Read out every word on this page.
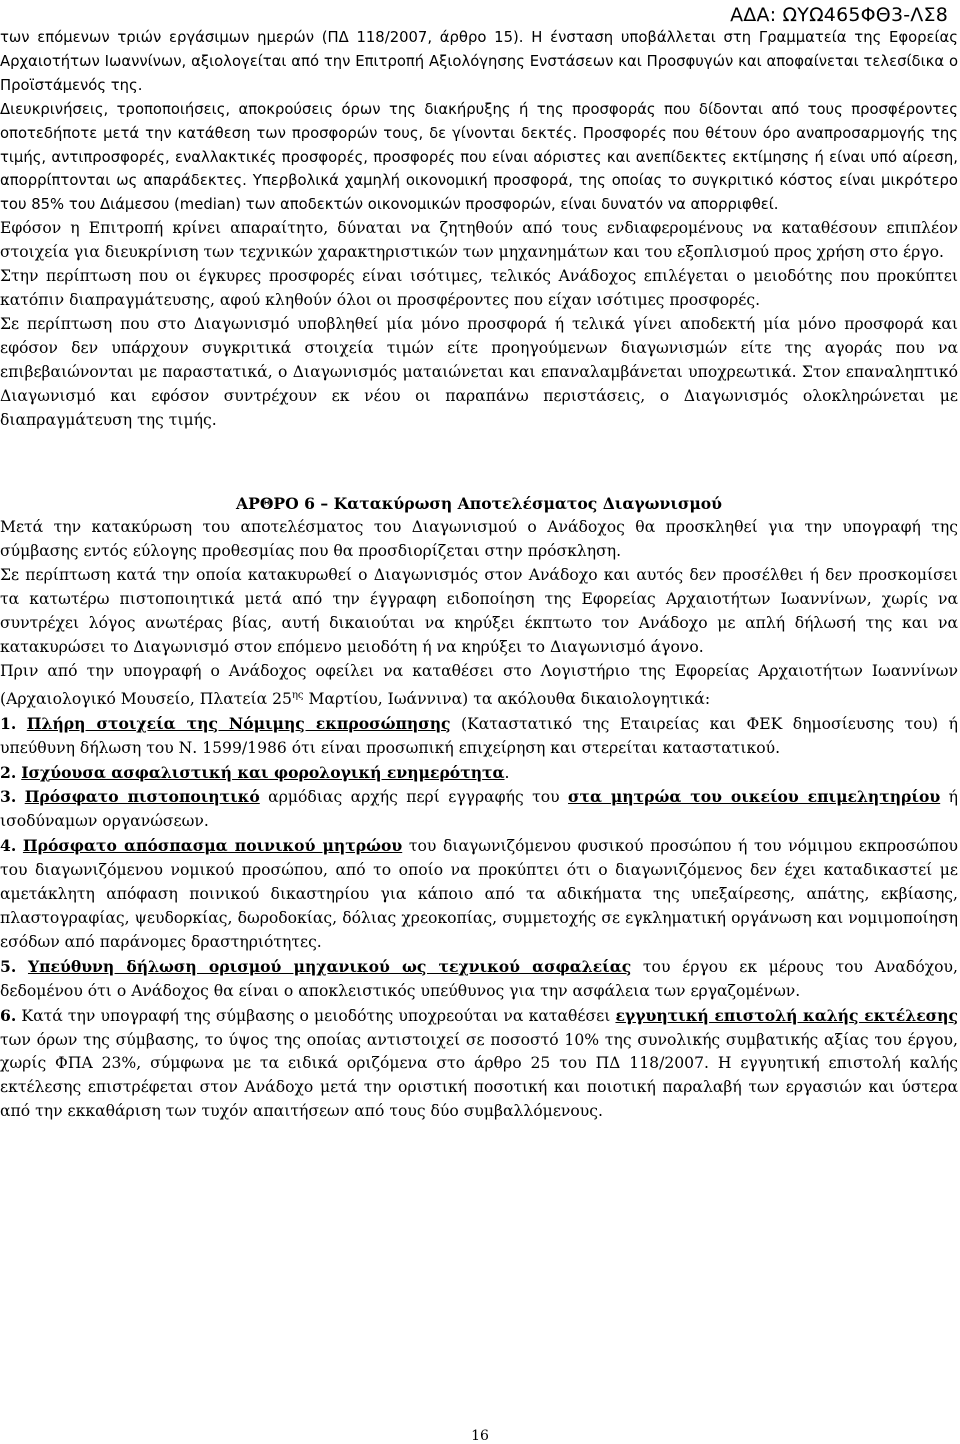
ΑΔΑ: ΩΥΩ465ΦΘ3-ΛΣ8

των επόμενων τριών εργάσιμων ημερών (ΠΔ 118/2007, άρθρο 15). Η ένσταση υποβάλλεται στη Γραμματεία της Εφορείας Αρχαιοτήτων Ιωαννίνων, αξιολογείται από την Επιτροπή Αξιολόγησης Ενστάσεων και Προσφυγών και αποφαίνεται τελεσίδικα ο Προϊστάμενός της.

Διευκρινήσεις, τροποποιήσεις, αποκρούσεις όρων της διακήρυξης ή της προσφοράς που δίδονται από τους προσφέροντες οποτεδήποτε μετά την κατάθεση των προσφορών τους, δε γίνονται δεκτές. Προσφορές που θέτουν όρο αναπροσαρμογής της τιμής, αντιπροσφορές, εναλλακτικές προσφορές, προσφορές που είναι αόριστες και ανεπίδεκτες εκτίμησης ή είναι υπό αίρεση, απορρίπτονται ως απαράδεκτες. Υπερβολικά χαμηλή οικονομική προσφορά, της οποίας το συγκριτικό κόστος είναι μικρότερο του 85% του Διάμεσου (median) των αποδεκτών οικονομικών προσφορών, είναι δυνατόν να απορριφθεί.

Εφόσον η Επιτροπή κρίνει απαραίτητο, δύναται να ζητηθούν από τους ενδιαφερομένους να καταθέσουν επιπλέον στοιχεία για διευκρίνιση των τεχνικών χαρακτηριστικών των μηχανημάτων και του εξοπλισμού προς χρήση στο έργο.

Στην περίπτωση που οι έγκυρες προσφορές είναι ισότιμες, τελικός Ανάδοχος επιλέγεται ο μειοδότης που προκύπτει κατόπιν διαπραγμάτευσης, αφού κληθούν όλοι οι προσφέροντες που είχαν ισότιμες προσφορές.

Σε περίπτωση που στο Διαγωνισμό υποβληθεί μία μόνο προσφορά ή τελικά γίνει αποδεκτή μία μόνο προσφορά και εφόσον δεν υπάρχουν συγκριτικά στοιχεία τιμών είτε προηγούμενων διαγωνισμών είτε της αγοράς που να επιβεβαιώνονται με παραστατικά, ο Διαγωνισμός ματαιώνεται και επαναλαμβάνεται υποχρεωτικά. Στον επαναληπτικό Διαγωνισμό και εφόσον συντρέχουν εκ νέου οι παραπάνω περιστάσεις, ο Διαγωνισμός ολοκληρώνεται με διαπραγμάτευση της τιμής.

ΑΡΘΡΟ 6 – Κατακύρωση Αποτελέσματος Διαγωνισμού

Μετά την κατακύρωση του αποτελέσματος του Διαγωνισμού ο Ανάδοχος θα προσκληθεί για την υπογραφή της σύμβασης εντός εύλογης προθεσμίας που θα προσδιορίζεται στην πρόσκληση.

Σε περίπτωση κατά την οποία κατακυρωθεί ο Διαγωνισμός στον Ανάδοχο και αυτός δεν προσέλθει ή δεν προσκομίσει τα κατωτέρω πιστοποιητικά μετά από την έγγραφη ειδοποίηση της Εφορείας Αρχαιοτήτων Ιωαννίνων, χωρίς να συντρέχει λόγος ανωτέρας βίας, αυτή δικαιούται να κηρύξει έκπτωτο τον Ανάδοχο με απλή δήλωσή της και να κατακυρώσει το Διαγωνισμό στον επόμενο μειοδότη ή να κηρύξει το Διαγωνισμό άγονο.

Πριν από την υπογραφή ο Ανάδοχος οφείλει να καταθέσει στο Λογιστήριο της Εφορείας Αρχαιοτήτων Ιωαννίνων (Αρχαιολογικό Μουσείο, Πλατεία $25^{\eta\varsigma}$ Μαρτίου, Ιωάννινα) τα ακόλουθα δικαιολογητικά:

1. Πλήρη στοιχεία της Νόμιμης εκπροσώπησης (Καταστατικό της Εταιρείας και ΦΕΚ δημοσίευσης του) ή υπεύθυνη δήλωση του Ν. 1599/1986 ότι είναι προσωπική επιχείρηση και στερείται καταστατικού.

2. Ισχύουσα ασφαλιστική και φορολογική ενημερότητα.

3. Πρόσφατο πιστοποιητικό αρμόδιας αρχής περί εγγραφής του στα μητρώα του οικείου επιμελητηρίου ή ισοδύναμων οργανώσεων.

4. Πρόσφατο απόσπασμα ποινικού μητρώου του διαγωνιζόμενου φυσικού προσώπου ή του νόμιμου εκπροσώπου του διαγωνιζόμενου νομικού προσώπου, από το οποίο να προκύπτει ότι ο διαγωνιζόμενος δεν έχει καταδικαστεί με αμετάκλητη απόφαση ποινικού δικαστηρίου για κάποιο από τα αδικήματα της υπεξαίρεσης, απάτης, εκβίασης, πλαστογραφίας, ψευδορκίας, δωροδοκίας, δόλιας χρεοκοπίας, συμμετοχής σε εγκληματική οργάνωση και νομιμοποίηση εσόδων από παράνομες δραστηριότητες.

5. Υπεύθυνη δήλωση ορισμού μηχανικού ως τεχνικού ασφαλείας του έργου εκ μέρους του Αναδόχου, δεδομένου ότι ο Ανάδοχος θα είναι ο αποκλειστικός υπεύθυνος για την ασφάλεια των εργαζομένων.

6. Κατά την υπογραφή της σύμβασης ο μειοδότης υποχρεούται να καταθέσει εγγυητική επιστολή καλής εκτέλεσης των όρων της σύμβασης, το ύψος της οποίας αντιστοιχεί σε ποσοστό 10% της συνολικής συμβατικής αξίας του έργου, χωρίς ΦΠΑ 23%, σύμφωνα με τα ειδικά οριζόμενα στο άρθρο 25 του ΠΔ 118/2007. Η εγγυητική επιστολή καλής εκτέλεσης επιστρέφεται στον Ανάδοχο μετά την οριστική ποσοτική και ποιοτική παραλαβή των εργασιών και ύστερα από την εκκαθάριση των τυχόν απαιτήσεων από τους δύο συμβαλλόμενους.

16
